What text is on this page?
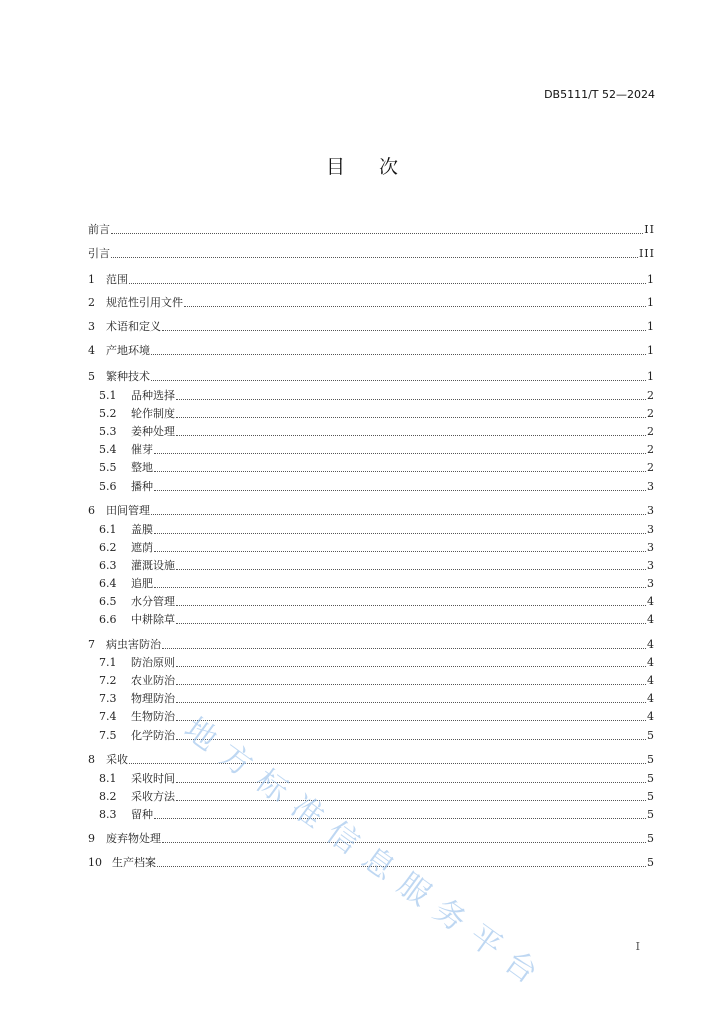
DB5111/T 52—2024
目次
前言	II
引言	III
1	范围	1
2	规范性引用文件	1
3	术语和定义	1
4	产地环境	1
5	繁种技术	1
5.1	品种选择	2
5.2	轮作制度	2
5.3	姜种处理	2
5.4	催芽	2
5.5	整地	2
5.6	播种	3
6	田间管理	3
6.1	盖膜	3
6.2	遮荫	3
6.3	灌溉设施	3
6.4	追肥	3
6.5	水分管理	4
6.6	中耕除草	4
7	病虫害防治	4
7.1	防治原则	4
7.2	农业防治	4
7.3	物理防治	4
7.4	生物防治	4
7.5	化学防治	5
8	采收	5
8.1	采收时间	5
8.2	采收方法	5
8.3	留种	5
9	废弃物处理	5
10 生产档案	5
地方标准信息服务平台	I
